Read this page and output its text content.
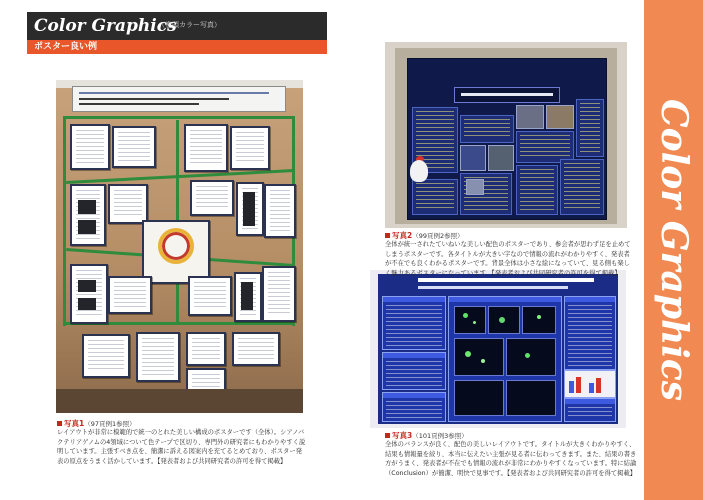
Color Graphics
（巻頭カラー写真）
ポスター良い例
Color Graphics
写真1（97頁例1参照）
レイアウトが非常に模範的で統一のとれた美しい構成のポスターです（全体）。シアノバクテリアゲノムの4領域について色テープで区切り、専門外の研究者にもわかりやすく説明しています。主張すべき点を、簡潔に訴える図案内を充てるとめており、ポスター発表の原点をうまく活かしています。【発表者および共同研究者の許可を得て掲載】
写真2（99頁例2参照）
全体が統一されたていねいな美しい配色のポスターであり、参会者が思わず足を止めてしまうポスターです。各タイトルが大きい字なので情報の流れがわかりやすく、発表者が不在でも良くわかるポスターです。背景全体は小さな絵になっていて、見る側も楽しく魅力あるポスターになっています。【発表者および共同研究者の許可を得て掲載】
写真3（101頁例3参照）
全体のバランスが良く、配色の美しいレイアウトです。タイトルが大きくわかりやすく、結果も情報量を絞り、本当に伝えたい主張が見る者に伝わってきます。また、結果の書き方がうまく、発表者が不在でも情報の流れが非常にわかりやすくなっています。特に結論（Conclusion）が簡潔、明快で見事です。【発表者および共同研究者の許可を得て掲載】
